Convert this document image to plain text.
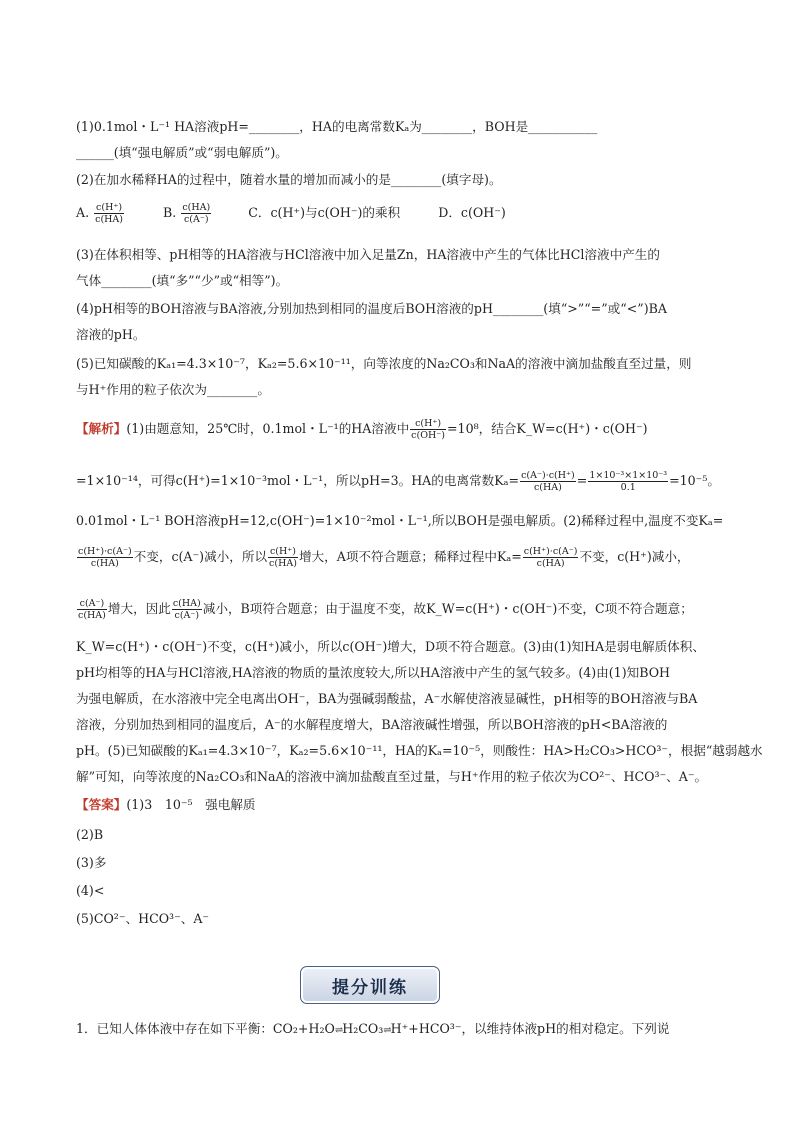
(1)0.1mol・L⁻¹ HA溶液pH=________，HA的电离常数Kₐ为________，BOH是___________
______(填“强电解质”或“弱电解质”)。
(2)在加水稀释HA的过程中，随着水量的增加而减小的是________(填字母)。
A. $\frac{c(H^+)}{c(HA)}$	B. $\frac{c(HA)}{c(A^-)}$	C．c(H⁺)与c(OH⁻)的乘积	D．c(OH⁻)
(3)在体积相等、pH相等的HA溶液与HCl溶液中加入足量Zn，HA溶液中产生的气体比HCl溶液中产生的
气体________(填“多”“少”或“相等”)。
(4)pH相等的BOH溶液与BA溶液,分别加热到相同的温度后BOH溶液的pH________(填“>”“=”或“<”)BA
溶液的pH。
(5)已知碳酸的Kₐ₁=4.3×10⁻⁷，Kₐ₂=5.6×10⁻¹¹，向等浓度的Na₂CO₃和NaA的溶液中滴加盐酸直至过量，则
与H⁺作用的粒子依次为________。
【解析】(1)由题意知，25℃时，0.1mol・L⁻¹的HA溶液中 $\frac{c(H^+)}{c(OH^-)} =10^8$，结合K_W=c(H⁺)・c(OH⁻)
=1×10⁻¹⁴，可得c(H⁺)=1×10⁻³mol・L⁻¹，所以pH=3。HA的电离常数$K_a= \frac{c(A^-)\cdot c(H^+)}{c(HA)} = \frac{\text{1×10⁻³×1×10⁻³}}{0.1} =10^{-5}$。
0.01mol・L⁻¹ BOH溶液pH=12,c(OH⁻)=1×10⁻²mol・L⁻¹,所以BOH是强电解质。(2)稀释过程中,温度不变Kₐ=
$\frac{c(H^+)\cdot c(A^-)}{c(HA)}$ 不变，c(A⁻)减小，所以 $\frac{c(H^+)}{c(HA)}$ 增大，A项不符合题意；稀释过程中$K_a= \frac{c(H^+)\cdot c(A^-)}{c(HA)}$ 不变，c(H⁺)减小，
$\frac{c(A^-)}{c(HA)}$ 增大，因此 $\frac{c(HA)}{c(A^-)}$ 减小，B项符合题意；由于温度不变，故K_W=c(H⁺)・c(OH⁻)不变，C项不符合题意；
K_W=c(H⁺)・c(OH⁻)不变，c(H⁺)减小，所以c(OH⁻)增大，D项不符合题意。(3)由(1)知HA是弱电解质体积、
pH均相等的HA与HCl溶液,HA溶液的物质的量浓度较大,所以HA溶液中产生的氢气较多。(4)由(1)知BOH
为强电解质，在水溶液中完全电离出OH⁻，BA为强碱弱酸盐，A⁻水解使溶液显碱性，pH相等的BOH溶液与BA
溶液，分别加热到相同的温度后，A⁻的水解程度增大，BA溶液碱性增强，所以BOH溶液的pH<BA溶液的
pH。(5)已知碳酸的Kₐ₁=4.3×10⁻⁷，Kₐ₂=5.6×10⁻¹¹，HA的Kₐ=10⁻⁵，则酸性：HA>H₂CO₃>HCO³⁻，根据“越弱越水
解”可知，向等浓度的Na₂CO₃和NaA的溶液中滴加盐酸直至过量，与H⁺作用的粒子依次为CO²⁻、HCO³⁻、A⁻。
【答案】(1)3　10⁻⁵　强电解质
(2)B
(3)多
(4)<
(5)CO²⁻、HCO³⁻、A⁻
1．已知人体体液中存在如下平衡：CO₂+H₂O⇌H₂CO₃⇌H⁺+HCO³⁻，以维持体液pH的相对稳定。下列说
提分训练
